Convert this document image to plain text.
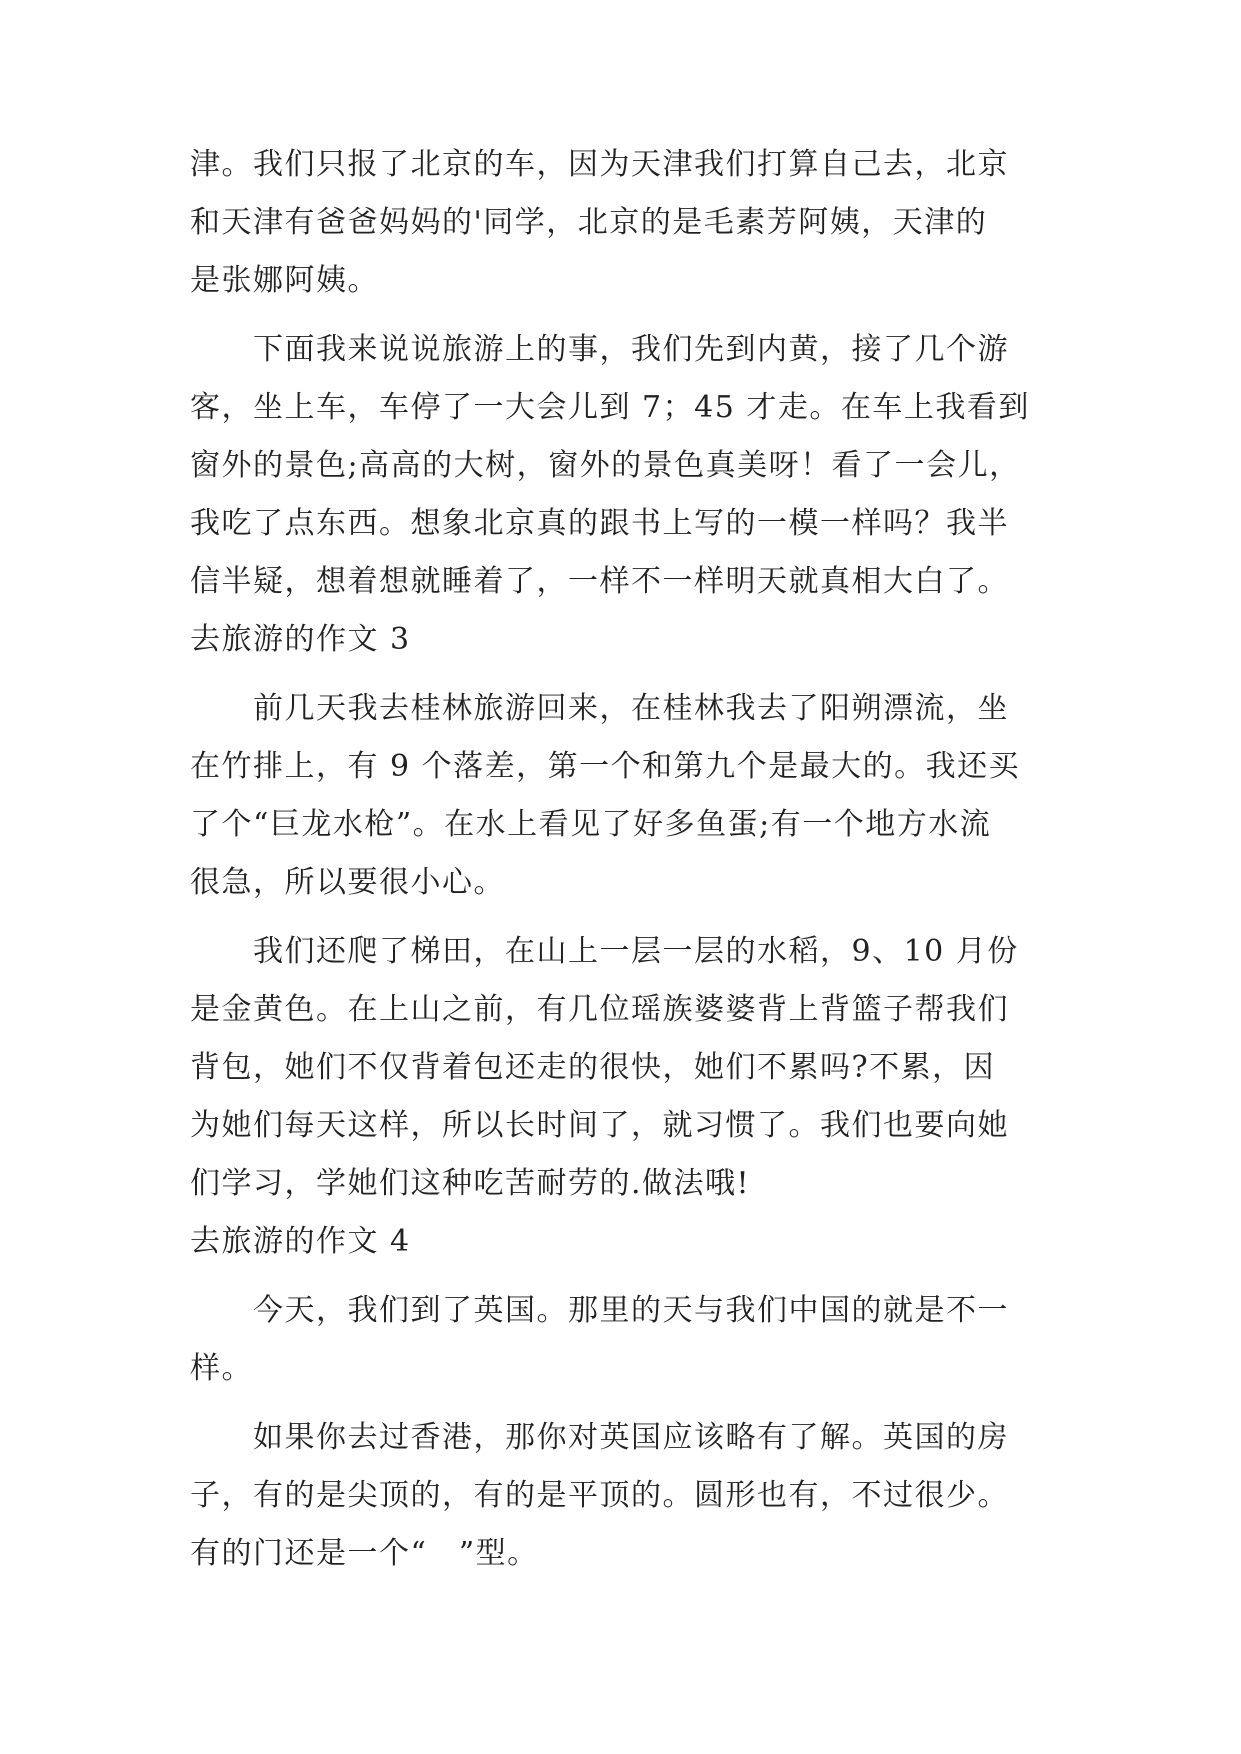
津。我们只报了北京的车，因为天津我们打算自己去，北京
和天津有爸爸妈妈的'同学，北京的是毛素芳阿姨，天津的
是张娜阿姨。
　　下面我来说说旅游上的事，我们先到内黄，接了几个游
客，坐上车，车停了一大会儿到 7；45 才走。在车上我看到
窗外的景色;高高的大树，窗外的景色真美呀！看了一会儿，
我吃了点东西。想象北京真的跟书上写的一模一样吗？我半
信半疑，想着想就睡着了，一样不一样明天就真相大白了。
去旅游的作文 3
　　前几天我去桂林旅游回来，在桂林我去了阳朔漂流，坐
在竹排上，有 9 个落差，第一个和第九个是最大的。我还买
了个“巨龙水枪”。在水上看见了好多鱼蛋;有一个地方水流
很急，所以要很小心。
　　我们还爬了梯田，在山上一层一层的水稻，9、10 月份
是金黄色。在上山之前，有几位瑶族婆婆背上背篮子帮我们
背包，她们不仅背着包还走的很快，她们不累吗?不累，因
为她们每天这样，所以长时间了，就习惯了。我们也要向她
们学习，学她们这种吃苦耐劳的.做法哦!
去旅游的作文 4
　　今天，我们到了英国。那里的天与我们中国的就是不一
样。
　　如果你去过香港，那你对英国应该略有了解。英国的房
子，有的是尖顶的，有的是平顶的。圆形也有，不过很少。
有的门还是一个“　”型。
